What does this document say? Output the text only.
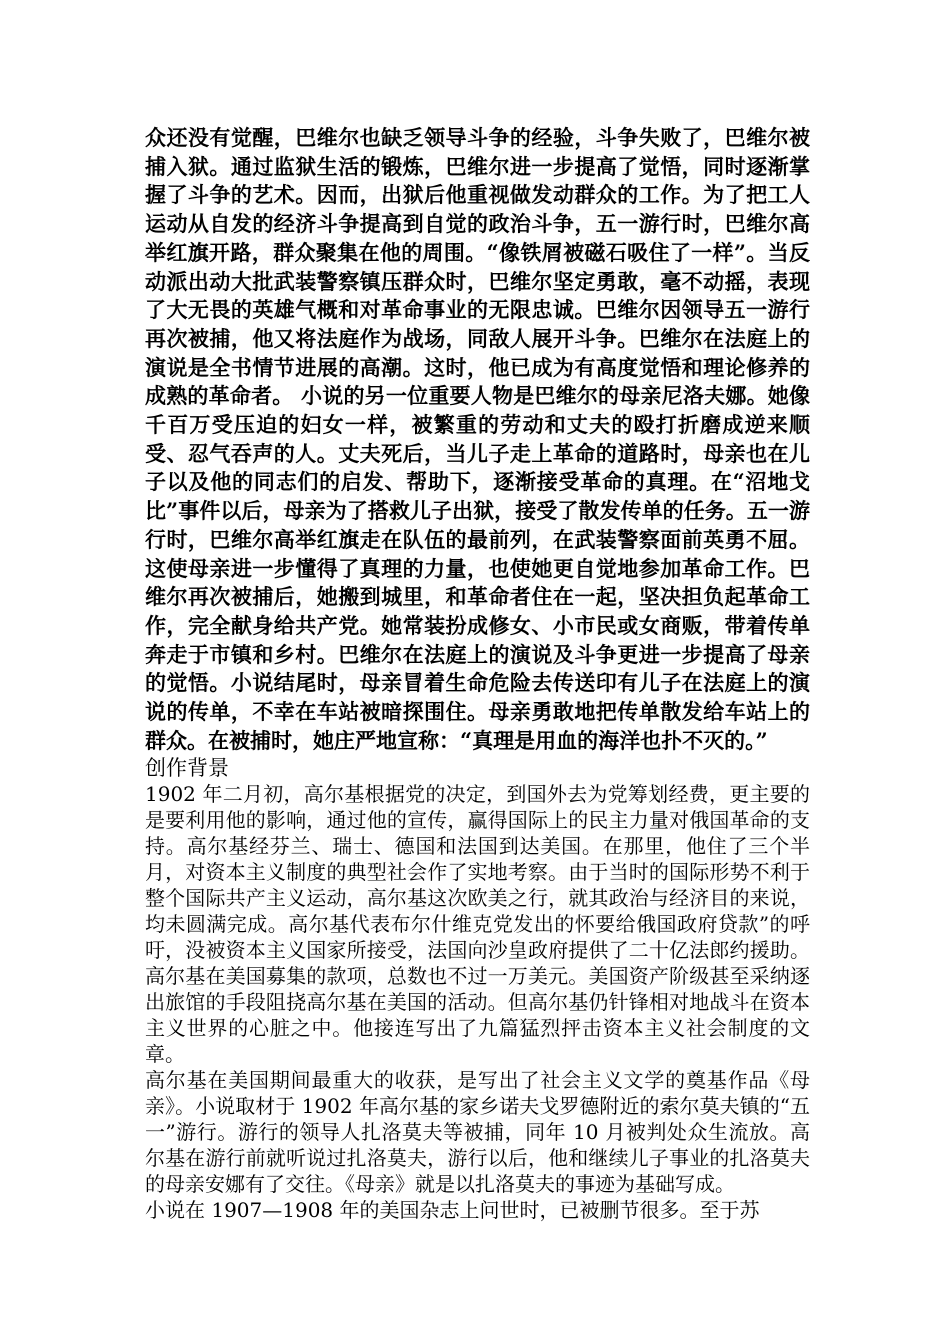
众还没有觉醒，巴维尔也缺乏领导斗争的经验，斗争失败了，巴维尔被捕入狱。通过监狱生活的锻炼，巴维尔进一步提高了觉悟，同时逐渐掌握了斗争的艺术。因而，出狱后他重视做发动群众的工作。为了把工人运动从自发的经济斗争提高到自觉的政治斗争，五一游行时，巴维尔高举红旗开路，群众聚集在他的周围。“像铁屑被磁石吸住了一样”。当反动派出动大批武装警察镇压群众时，巴维尔坚定勇敢，毫不动摇，表现了大无畏的英雄气概和对革命事业的无限忠诚。巴维尔因领导五一游行再次被捕，他又将法庭作为战场，同敌人展开斗争。巴维尔在法庭上的演说是全书情节进展的高潮。这时，他已成为有高度觉悟和理论修养的成熟的革命者。 小说的另一位重要人物是巴维尔的母亲尼洛夫娜。她像千百万受压迫的妇女一样，被繁重的劳动和丈夫的殴打折磨成逆来顺受、忍气吞声的人。丈夫死后，当儿子走上革命的道路时，母亲也在儿子以及他的同志们的启发、帮助下，逐渐接受革命的真理。在“沼地戈比”事件以后，母亲为了搭救儿子出狱，接受了散发传单的任务。五一游行时，巴维尔高举红旗走在队伍的最前列，在武装警察面前英勇不屈。这使母亲进一步懂得了真理的力量，也使她更自觉地参加革命工作。巴维尔再次被捕后，她搬到城里，和革命者住在一起，坚决担负起革命工作，完全献身给共产党。她常装扮成修女、小市民或女商贩，带着传单奔走于市镇和乡村。巴维尔在法庭上的演说及斗争更进一步提高了母亲的觉悟。小说结尾时，母亲冒着生命危险去传送印有儿子在法庭上的演说的传单，不幸在车站被暗探围住。母亲勇敢地把传单散发给车站上的群众。在被捕时，她庄严地宣称：“真理是用血的海洋也扑不灭的。”

创作背景

1902 年二月初，高尔基根据党的决定，到国外去为党筹划经费，更主要的是要利用他的影响，通过他的宣传，赢得国际上的民主力量对俄国革命的支持。高尔基经芬兰、瑞士、德国和法国到达美国。在那里，他住了三个半月，对资本主义制度的典型社会作了实地考察。由于当时的国际形势不利于整个国际共产主义运动，高尔基这次欧美之行，就其政治与经济目的来说，均未圆满完成。高尔基代表布尔什维克党发出的怀要给俄国政府贷款”的呼吁，没被资本主义国家所接受，法国向沙皇政府提供了二十亿法郎约援助。高尔基在美国募集的款项，总数也不过一万美元。美国资产阶级甚至采纳逐出旅馆的手段阻挠高尔基在美国的活动。但高尔基仍针锋相对地战斗在资本主义世界的心脏之中。他接连写出了九篇猛烈抨击资本主义社会制度的文章。

高尔基在美国期间最重大的收获，是写出了社会主义文学的奠基作品《母亲》。小说取材于 1902 年高尔基的家乡诺夫戈罗德附近的索尔莫夫镇的“五一”游行。游行的领导人扎洛莫夫等被捕，同年 10 月被判处众生流放。高尔基在游行前就听说过扎洛莫夫，游行以后，他和继续儿子事业的扎洛莫夫的母亲安娜有了交往。《母亲》就是以扎洛莫夫的事迹为基础写成。

小说在 1907—1908 年的美国杂志上问世时，已被删节很多。至于苏
